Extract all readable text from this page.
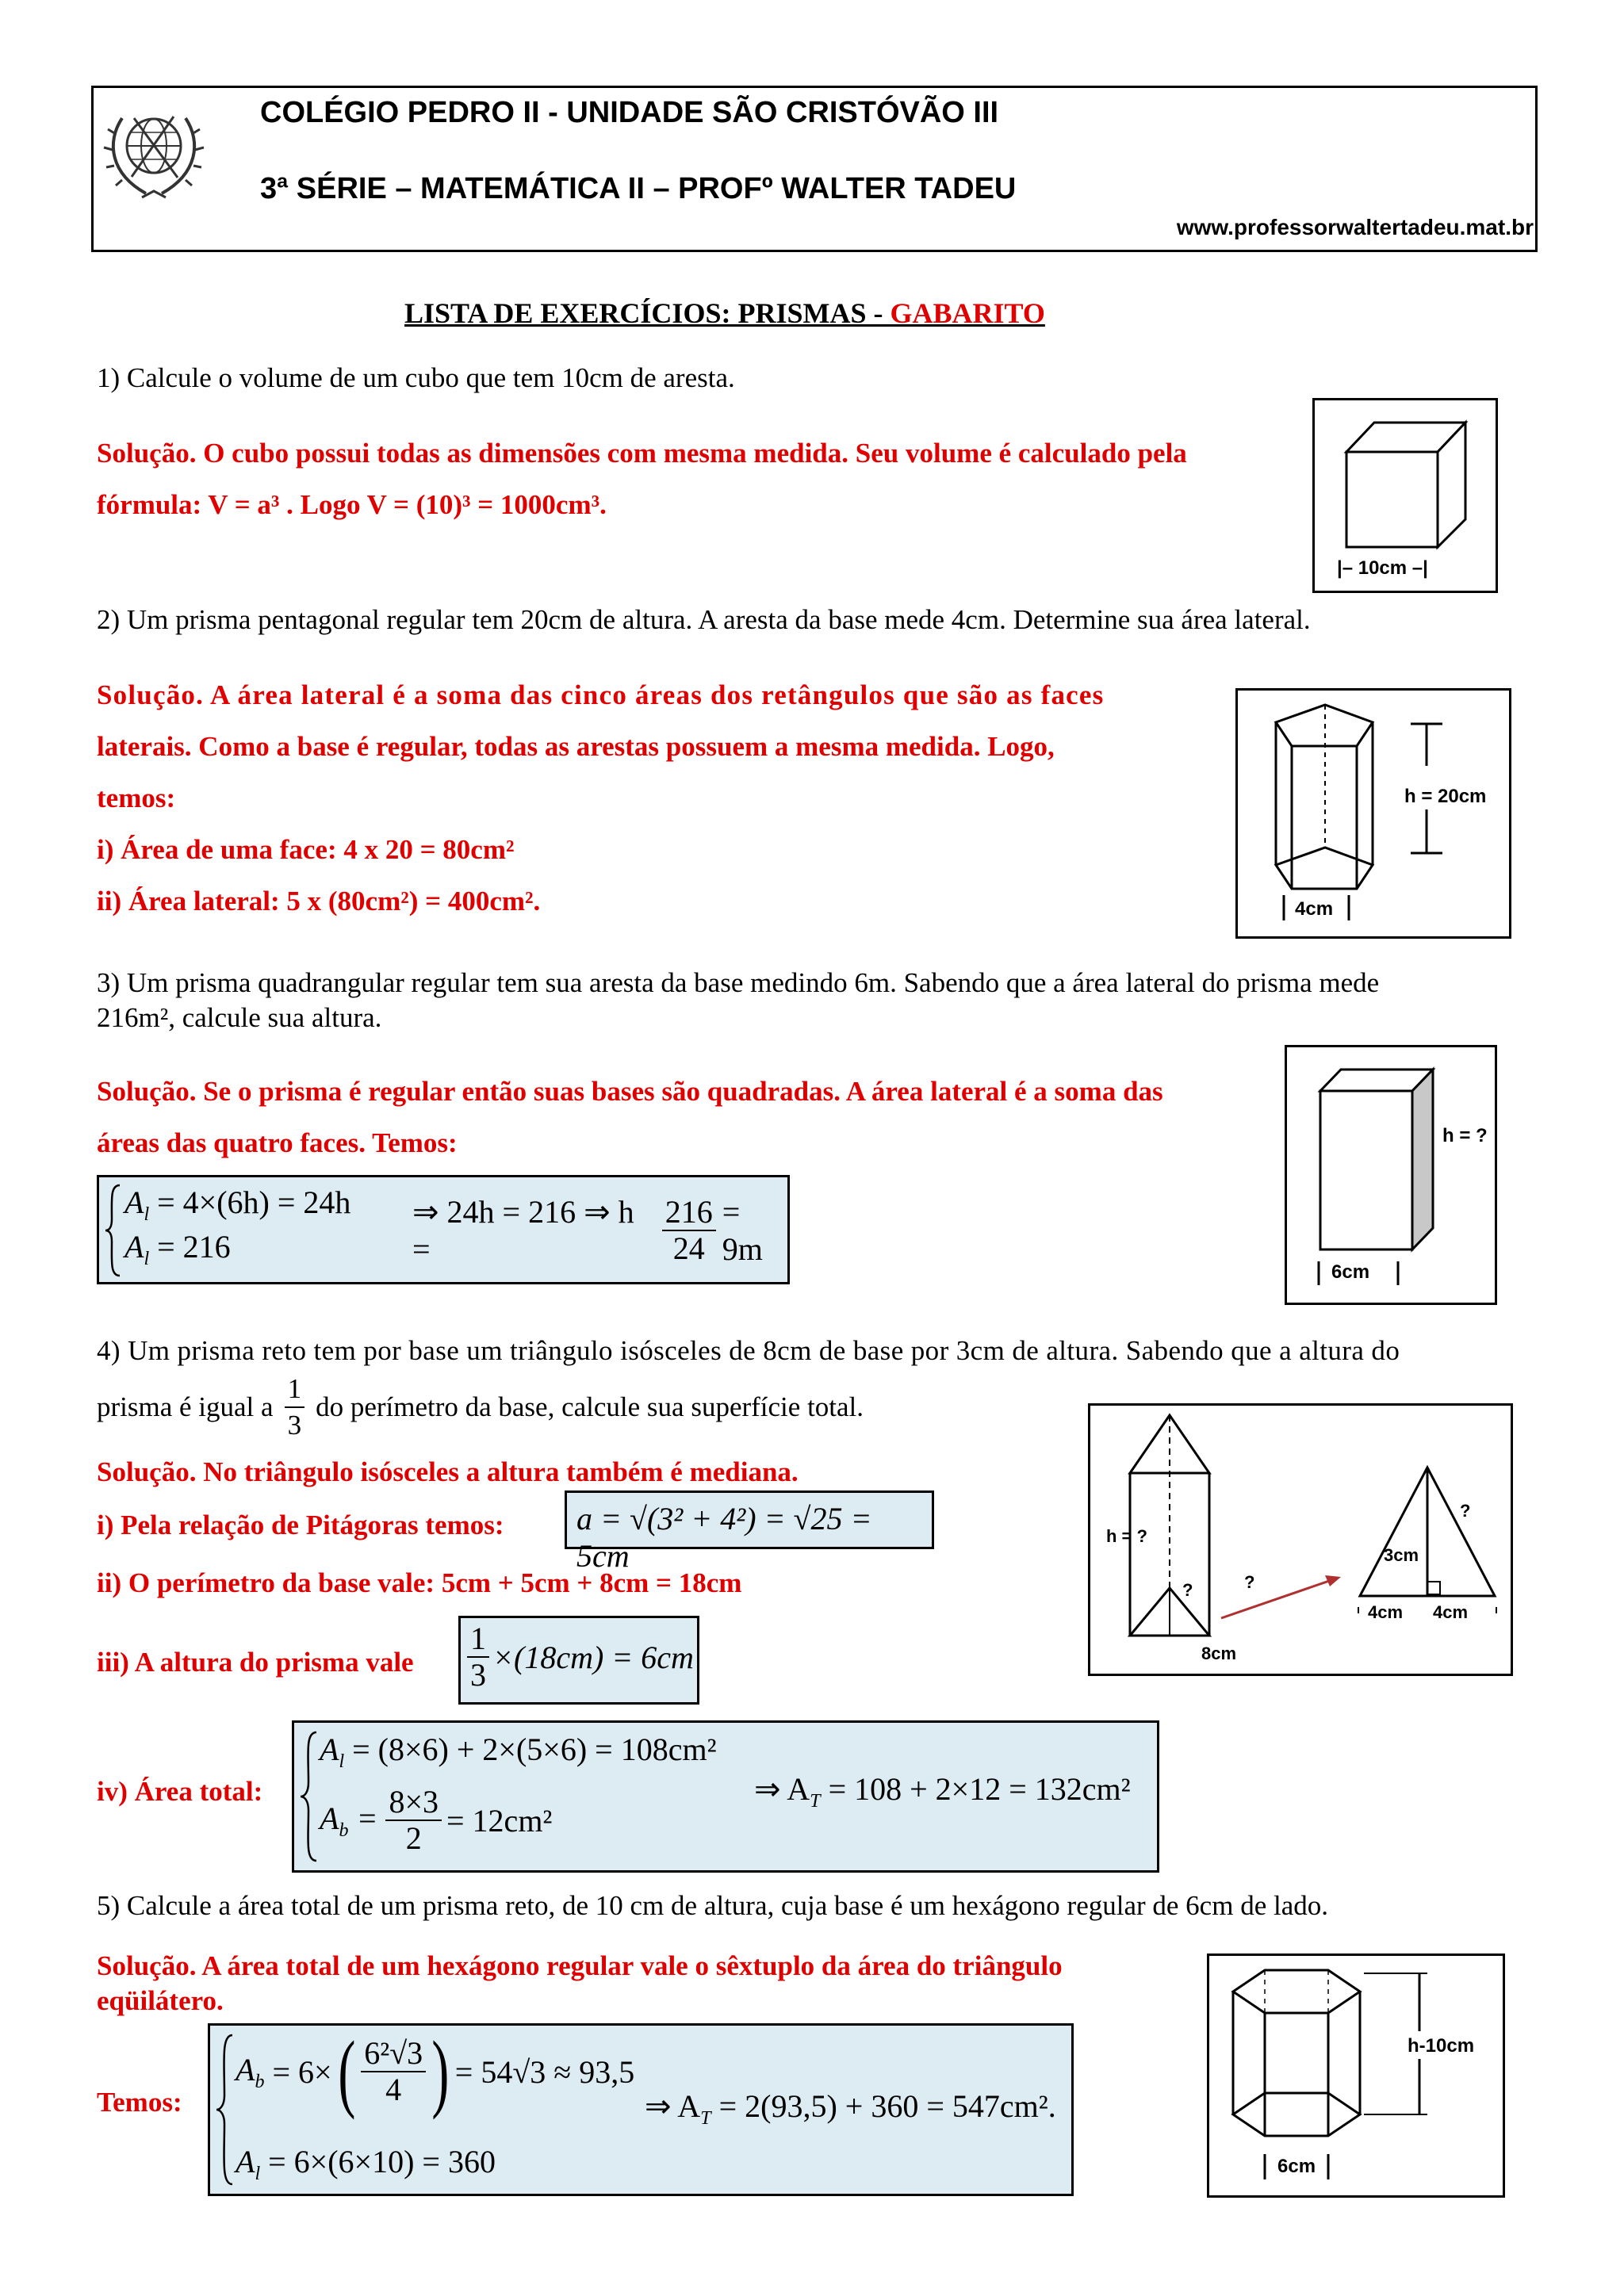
COLÉGIO PEDRO II - UNIDADE SÃO CRISTÓVÃO III
3ª SÉRIE – MATEMÁTICA II – PROFº WALTER TADEU
www.professorwaltertadeu.mat.br
LISTA DE EXERCÍCIOS: PRISMAS - GABARITO
1) Calcule o volume de um cubo que tem 10cm de aresta.
Solução. O cubo possui todas as dimensões com mesma medida. Seu volume é calculado pela
fórmula: V = a³ . Logo V = (10)³ = 1000cm³.
|– 10cm –|
2) Um prisma pentagonal regular tem 20cm de altura. A aresta da base mede 4cm. Determine sua área lateral.
Solução. A área lateral é a soma das cinco áreas dos retângulos que são as faces
laterais. Como a base é regular, todas as arestas possuem a mesma medida. Logo,
temos:
i) Área de uma face: 4 x 20 = 80cm²
ii) Área lateral: 5 x (80cm²) = 400cm².
h = 20cm
4cm
3) Um prisma quadrangular regular tem sua aresta da base medindo 6m. Sabendo que a área lateral do prisma mede
216m², calcule sua altura.
Solução. Se o prisma é regular então suas bases são quadradas. A área lateral é a soma das
áreas das quatro faces. Temos:
$A_l = 4\times(6h) = 24h$
$A_l = 216$
⇒ 24h = 216 ⇒ h =	$\frac{216}{24} = 9m$
h = ?
6cm
4) Um prisma reto tem por base um triângulo isósceles de 8cm de base por 3cm de altura. Sabendo que a altura do
prisma é igual a $\frac{1}{3}$ do perímetro da base, calcule sua superfície total.
Solução. No triângulo isósceles a altura também é mediana.
i) Pela relação de Pitágoras temos: a = √(3² + 4²) = √25 = 5cm
ii) O perímetro da base vale: 5cm + 5cm + 8cm = 18cm
iii) A altura do prisma vale $\frac{1}{3} \times(18cm) = 6cm$
iv) Área total:
$A_l = (8\times 6) + 2\times(5\times 6) = 108cm^2$
$A_b = \frac{8\times 3}{2} = 12cm^2$
⇒ $A_T = 108 + 2\times 12 = 132cm^2$
h = ?
?	?
?
8cm
3cm
4cm 4cm
5) Calcule a área total de um prisma reto, de 10 cm de altura, cuja base é um hexágono regular de 6cm de lado.
Solução. A área total de um hexágono regular vale o sêxtuplo da área do triângulo
eqüilátero.
Temos:
$A_b = 6\times$ ( $\frac{\text{6²√3}}{4}$ ) = 54√3 ≈ 93,5
$A_l = 6\times(6\times 10) = 360$
⇒ $A_T = 2(93,5) + 360 = 547cm^2$.
h-10cm
6cm
